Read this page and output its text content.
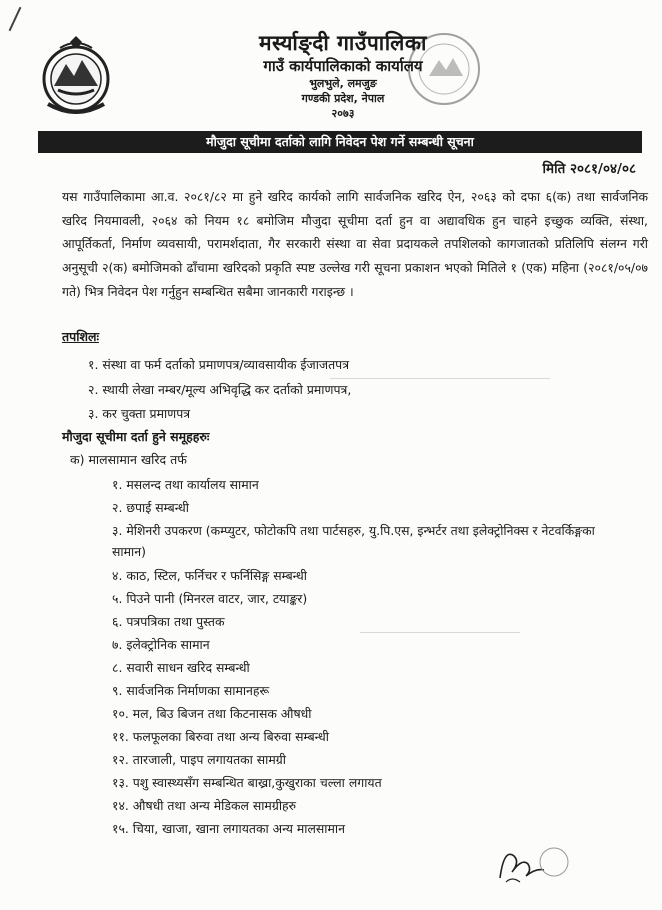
मर्स्याङ्दी गाउँपालिका
गाउँ कार्यपालिकाको कार्यालय
भुलभुले, लमजुङ
गण्डकी प्रदेश, नेपाल
२०७३
मौजुदा सूचीमा दर्ताको लागि निवेदन पेश गर्ने सम्बन्धी सूचना
मिति २०८१/०४/०८
यस गाउँपालिकामा आ.व. २०८१/८२ मा हुने खरिद कार्यको लागि सार्वजनिक खरिद ऐन, २०६३ को दफा ६(क) तथा सार्वजनिक खरिद नियमावली, २०६४ को नियम १८ बमोजिम मौजुदा सूचीमा दर्ता हुन वा अद्यावधिक हुन चाहने इच्छुक व्यक्ति, संस्था, आपूर्तिकर्ता, निर्माण व्यवसायी, परामर्शदाता, गैर सरकारी संस्था वा सेवा प्रदायकले तपशिलको कागजातको प्रतिलिपि संलग्न गरी अनुसूची २(क) बमोजिमको ढाँचामा खरिदको प्रकृति स्पष्ट उल्लेख गरी सूचना प्रकाशन भएको मितिले १ (एक) महिना (२०८१/०५/०७ गते) भित्र निवेदन पेश गर्नुहुन सम्बन्धित सबैमा जानकारी गराइन्छ ।
तपशिलः
१. संस्था वा फर्म दर्ताको प्रमाणपत्र/व्यावसायीक ईजाजतपत्र
२. स्थायी लेखा नम्बर/मूल्य अभिवृद्धि कर दर्ताको प्रमाणपत्र,
३. कर चुक्ता प्रमाणपत्र
मौजुदा सूचीमा दर्ता हुने समूहहरुः
क) मालसामान खरिद तर्फ
१. मसलन्द तथा कार्यालय सामान
२. छपाई सम्बन्धी
३. मेशिनरी उपकरण (कम्प्युटर, फोटोकपि तथा पार्टसहरु, यु.पि.एस, इन्भर्टर तथा इलेक्ट्रोनिक्स र नेटवर्किङ्गका सामान)
४. काठ, स्टिल, फर्निचर र फर्निसिङ्ग सम्बन्धी
५. पिउने पानी (मिनरल वाटर, जार, टयाङ्कर)
६. पत्रपत्रिका तथा पुस्तक
७. इलेक्ट्रोनिक सामान
८. सवारी साधन खरिद सम्बन्धी
९. सार्वजनिक निर्माणका सामानहरू
१०. मल, बिउ बिजन तथा किटनासक औषधी
११. फलफूलका बिरुवा तथा अन्य बिरुवा सम्बन्धी
१२. तारजाली, पाइप लगायतका सामग्री
१३. पशु स्वास्थ्यसँग सम्बन्धित बाख्रा,कुखुराका चल्ला लगायत
१४. औषधी तथा अन्य मेडिकल सामग्रीहरु
१५. चिया, खाजा, खाना लगायतका अन्य मालसामान
